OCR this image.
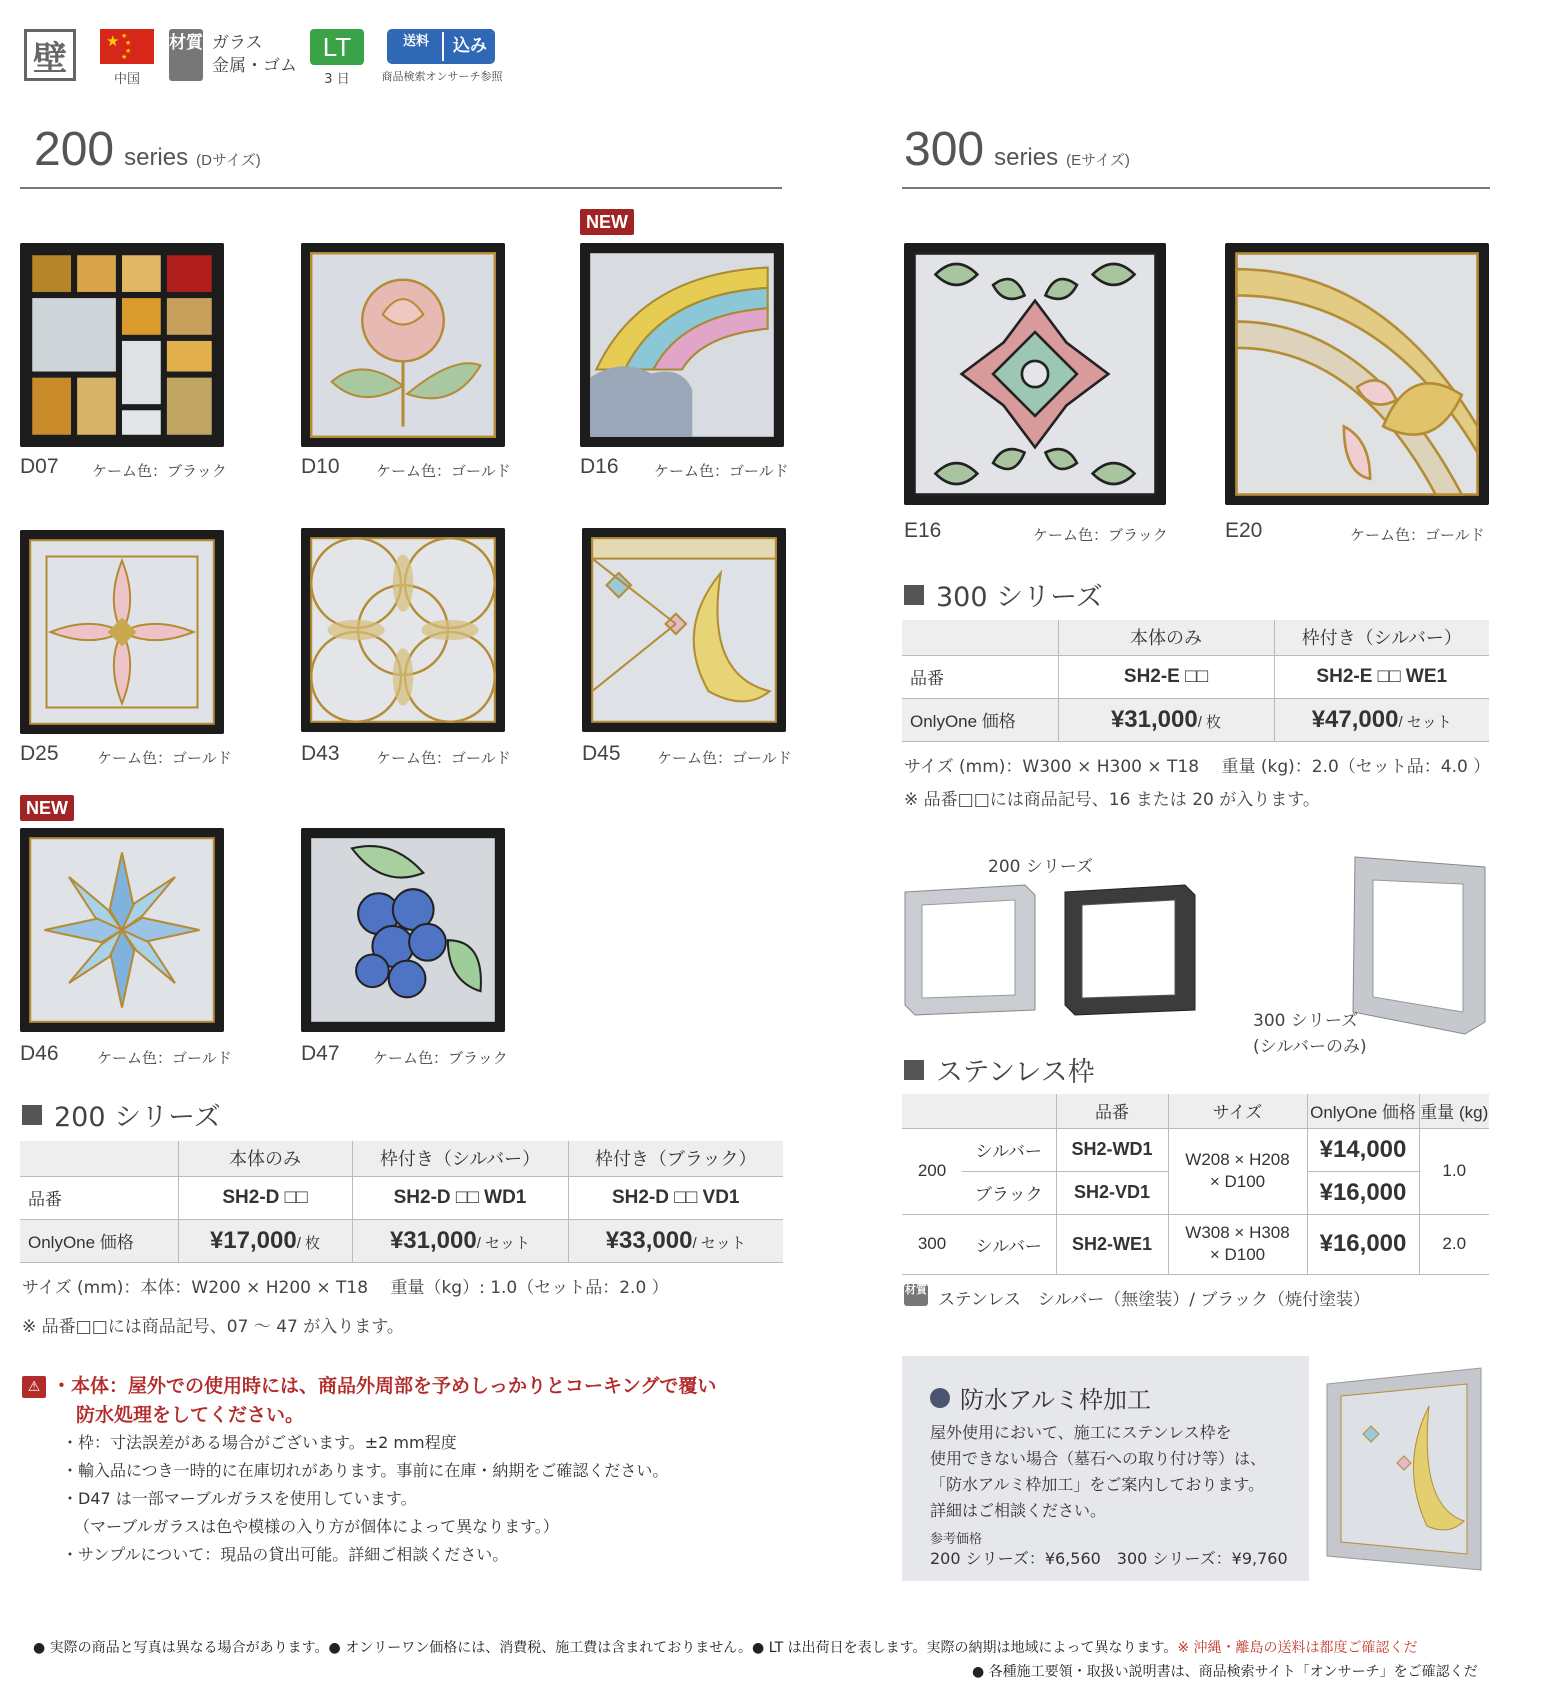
壁	★ ★
★
★
★
中国
材質 ガラス
金属・ゴム
LT
3 日
送料	込み
商品検索オンサーチ参照
200 series (Dサイズ)	300 series (Eサイズ)
D07 ケーム色：ブラック	D10 ケーム色：ゴールド
NEW
D16 ケーム色：ゴールド
D25	ケーム色：ゴールド	D43 ケーム色：ゴールド	D45 ケーム色：ゴールド
NEW
D46	ケーム色：ゴールド	D47 ケーム色：ブラック
200 シリーズ
	本体のみ	枠付き（シルバー）	枠付き（ブラック）
品番	SH2-D □□	SH2-D □□ WD1	SH2-D □□ VD1
OnlyOne 価格	¥17,000/ 枚	¥31,000/ セット	¥33,000/ セット
サイズ (mm)：本体：W200 × H200 × T18　 重量（kg）: 1.0（セット品：2.0 ）
※ 品番□□には商品記号、07 ～ 47 が入ります。
⚠ ・本体：屋外での使用時には、商品外周部を予めしっかりとコーキングで覆い
防水処理をしてください。
・枠：寸法誤差がある場合がございます。±2 mm程度
・輸入品につき一時的に在庫切れがあります。事前に在庫・納期をご確認ください。
・D47 は一部マーブルガラスを使用しています。
（マーブルガラスは色や模様の入り方が個体によって異なります。）
・サンプルについて：現品の貸出可能。詳細ご相談ください。
E16	ケーム色：ブラック	E20	ケーム色：ゴールド
300 シリーズ
	本体のみ	枠付き（シルバー）
品番	SH2-E □□	SH2-E □□ WE1
OnlyOne 価格	¥31,000/ 枚	¥47,000/ セット
サイズ (mm)：W300 × H300 × T18　 重量 (kg)：2.0（セット品：4.0 ）
※ 品番□□には商品記号、16 または 20 が入ります。
200 シリーズ
300 シリーズ
(シルバーのみ)
ステンレス枠
		品番	サイズ	OnlyOne 価格	重量 (kg)
200	シルバー	SH2-WD1	W208 × H208
× D100	¥14,000	1.0
	ブラック	SH2-VD1		¥16,000	
300	シルバー	SH2-WE1	W308 × H308
× D100	¥16,000	2.0
材質
ステンレス　シルバー（無塗装）/ ブラック（焼付塗装）
防水アルミ枠加工
屋外使用において、施工にステンレス枠を
使用できない場合（墓石への取り付け等）は、
「防水アルミ枠加工」をご案内しております。
詳細はご相談ください。
参考価格
200 シリーズ：¥6,560　300 シリーズ：¥9,760
● 実際の商品と写真は異なる場合があります。● オンリーワン価格には、消費税、施工費は含まれておりません。● LT は出荷日を表します。実際の納期は地域によって異なります。※ 沖縄・離島の送料は都度ご確認くだ
● 各種施工要領・取扱い説明書は、商品検索サイト「オンサーチ」をご確認くだ
